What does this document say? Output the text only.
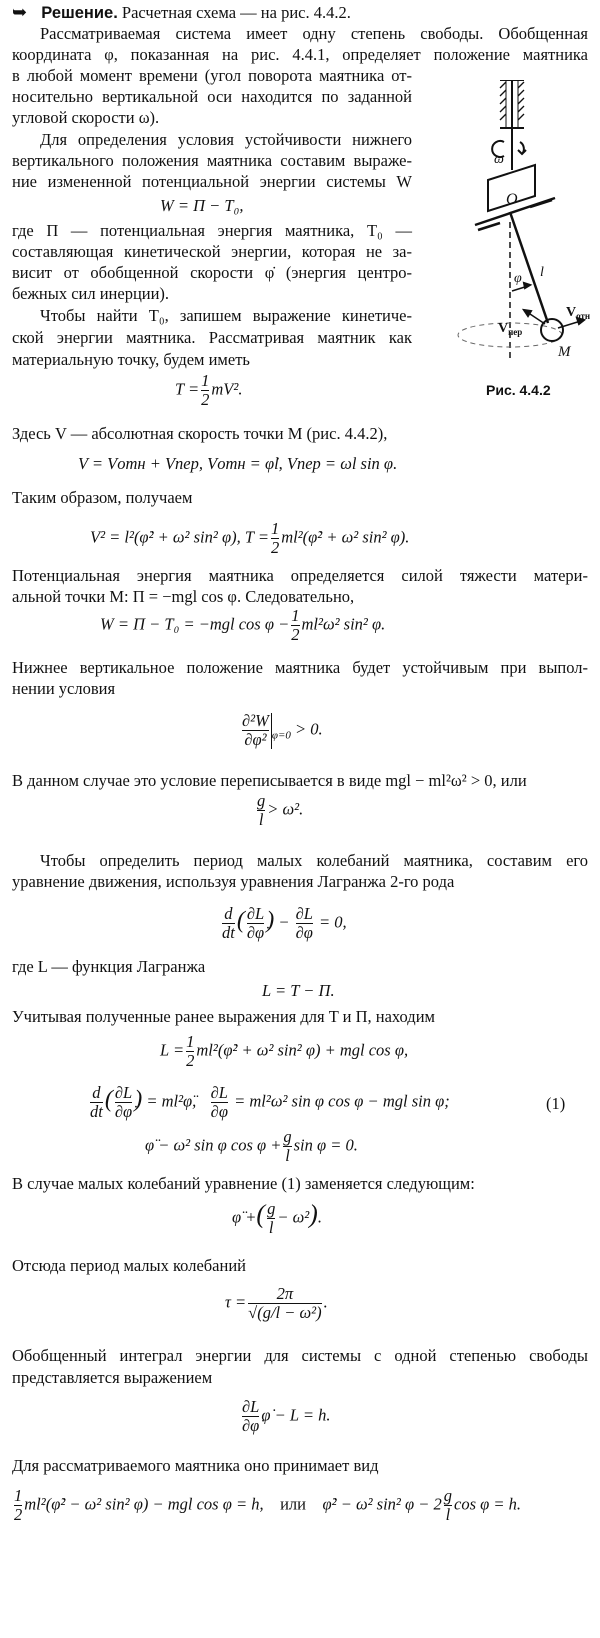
➥ Решение. Расчетная схема — на рис. 4.4.2.
Рассматриваемая система имеет одну степень свободы. Обобщенная
координата φ, показанная на рис. 4.4.1, определяет положение маятника
в любой момент времени (угол поворота маятника от-
носительно вертикальной оси находится по заданной
угловой скорости ω).
Для определения условия устойчивости нижнего
вертикального положения маятника составим выраже-
ние измененной потенциальной энергии системы W
W = Π − T₀,
где Π — потенциальная энергия маятника, T₀ —
составляющая кинетической энергии, которая не за-
висит от обобщенной скорости φ̇ (энергия центро-
бежных сил инерции).
Чтобы найти T₀, запишем выражение кинетиче-
ской энергии маятника. Рассматривая маятник как
материальную точку, будем иметь
$T = \frac{1}{2} mV^2$.
Здесь V — абсолютная скорость точки M (рис. 4.4.2),
V = Vотн + Vпер, Vотн = φ̇l, Vпер = ωl sin φ.
Таким образом, получаем
V² = l²(φ̇² + ω² sin² φ), $T = \frac{1}{2}$ ml²(φ̇² + ω² sin² φ).
Потенциальная энергия маятника определяется силой тяжести матери-
альной точки M: Π = −mgl cos φ. Следовательно,
W = Π − T₀ = −mgl $\cos \varphi - \frac{1}{2} ml^2\omega^2$ sin² φ.
Нижнее вертикальное положение маятника будет устойчивым при выпол-
нении условия
$\frac{\text{∂²W}}{\text{∂φ²}} _{\varphi=0} > 0$.
В данном случае это условие переписывается в виде mgl − ml²ω² > 0, или
$\frac{g}{l} > \omega^2$.
Чтобы определить период малых колебаний маятника, составим его
уравнение движения, используя уравнения Лагранжа 2-го рода
$\frac{d}{dt}$ ( $\frac{\partial L}{\partial\varphi̇}$ ) − $\frac{\partial L}{\partial\varphi} = 0$,
где L — функция Лагранжа
L = T − Π.
Учитывая полученные ранее выражения для T и Π, находим
$L = \frac{1}{2}$ ml²(φ̇² + ω² sin² φ) + mgl cos φ,
$\frac{d}{dt}$ ( $\frac{\partial L}{\partial\varphi̇}$ ) = ml²φ̈, $\frac{\partial L}{\partial\varphi} = ml^2\omega^2$ sin φ cos φ − mgl sin φ;	(1)
φ̈ − ω² sin φ $\cos \varphi + \frac{g}{l}$ sin φ = 0.
В случае малых колебаний уравнение (1) заменяется следующим:
φ̈ +( $\frac{g}{l} - \omega^2$).
Отсюда период малых колебаний
$\tau = \frac{2\pi}{\text{√(g/l − ω²)}}$ .
Обобщенный интеграл энергии для системы с одной степенью свободы
представляется выражением
$\frac{\partial L}{\partial\varphi̇}$ φ̇ − L = h.
Для рассматриваемого маятника оно принимает вид
$\frac{1}{2}$ ml²(φ̇² − ω² sin² φ) − mgl cos φ = h, или φ̇² − ω² sin² $\varphi - 2 \frac{g}{l}$ cos φ = h.
ω
O
φ l
$V_{отн}$
$V_{пер}$
M
Рис. 4.4.2
